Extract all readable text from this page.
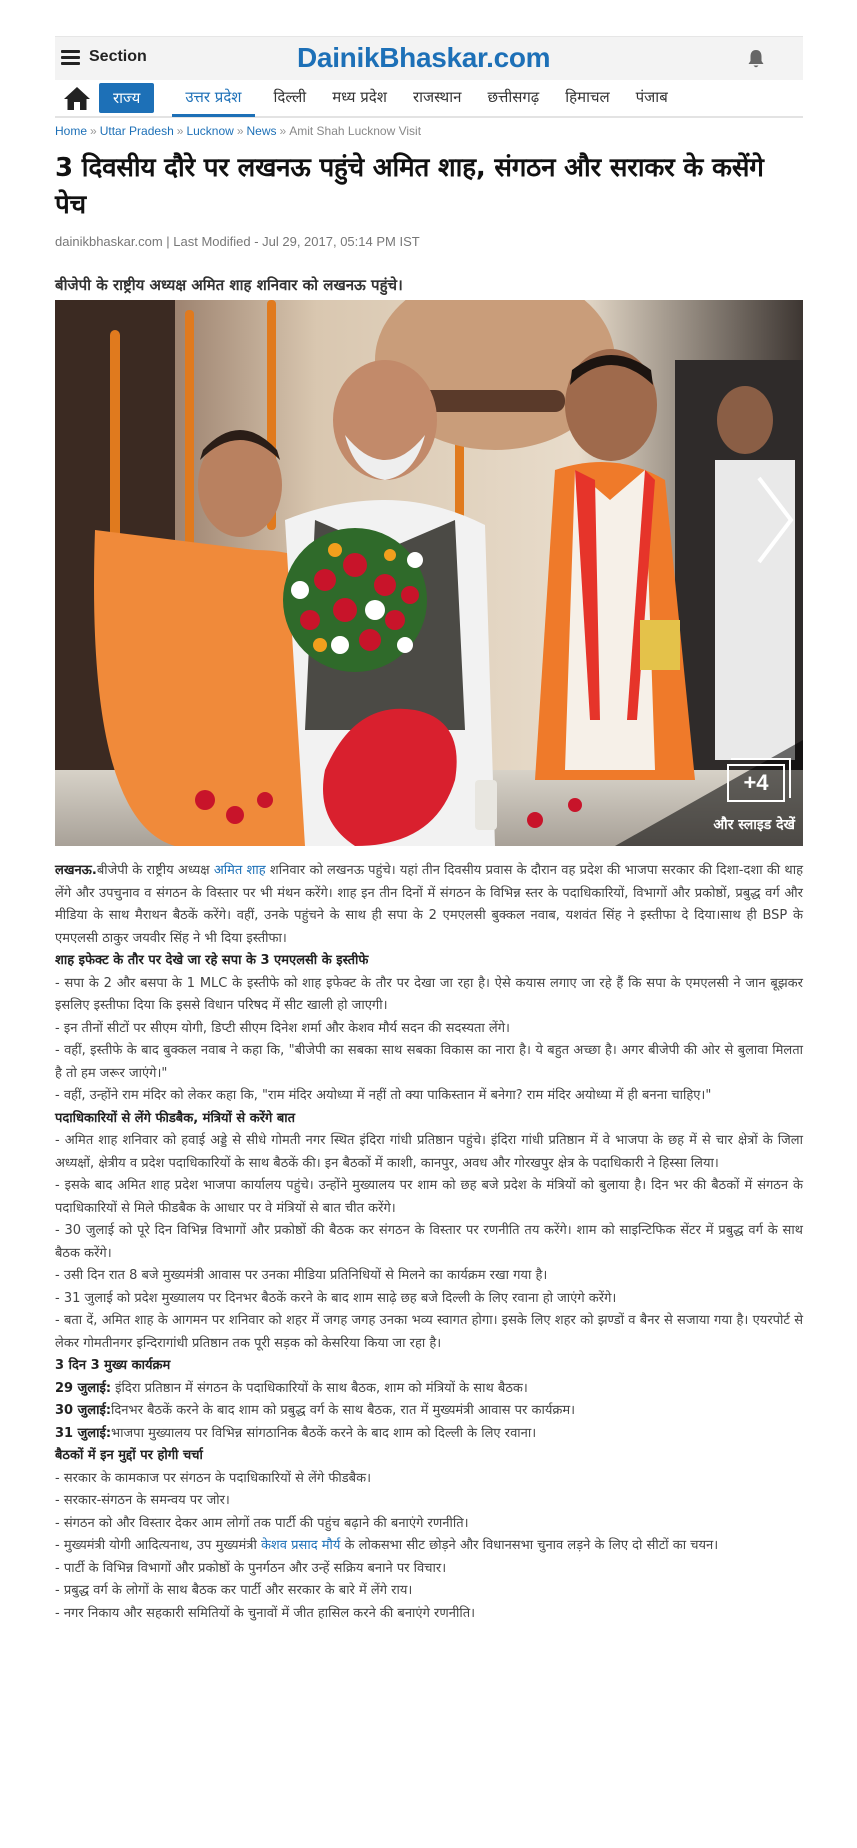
Section	DainikBhaskar.com
राज्य	उत्तर प्रदेश	दिल्ली	मध्य प्रदेश	राजस्थान	छत्तीसगढ़	हिमाचल	पंजाब
Home » Uttar Pradesh » Lucknow » News » Amit Shah Lucknow Visit
3 दिवसीय दौरे पर लखनऊ पहुंचे अमित शाह, संगठन और सराकर के कसेंगे पेच
dainikbhaskar.com | Last Modified - Jul 29, 2017, 05:14 PM IST
बीजेपी के राष्ट्रीय अध्यक्ष अमित शाह शनिवार को लखनऊ पहुंचे।
+4
और स्लाइड देखें

लखनऊ.बीजेपी के राष्ट्रीय अध्यक्ष अमित शाह शनिवार को लखनऊ पहुंचे। यहां तीन दिवसीय प्रवास के दौरान वह प्रदेश की भाजपा सरकार की दिशा-दशा की थाह लेंगे और उपचुनाव व संगठन के विस्तार पर भी मंथन करेंगे। शाह इन तीन दिनों में संगठन के विभिन्न स्तर के पदाधिकारियों, विभागों और प्रकोष्ठों, प्रबुद्ध वर्ग और मीडिया के साथ मैराथन बैठकें करेंगे। वहीं, उनके पहुंचने के साथ ही सपा के 2 एमएलसी बुक्कल नवाब, यशवंत सिंह ने इस्तीफा दे दिया।साथ ही BSP के एमएलसी ठाकुर जयवीर सिंह ने भी दिया इस्तीफा।

शाह इफेक्ट के तौर पर देखे जा रहे सपा के 3 एमएलसी के इस्तीफे

- सपा के 2 और बसपा के 1 MLC के इस्तीफे को शाह इफेक्ट के तौर पर देखा जा रहा है। ऐसे कयास लगाए जा रहे हैं कि सपा के एमएलसी ने जान बूझकर इसलिए इस्तीफा दिया कि इससे विधान परिषद में सीट खाली हो जाएगी।

- इन तीनों सीटों पर सीएम योगी, डिप्टी सीएम दिनेश शर्मा और केशव मौर्य सदन की सदस्यता लेंगे।

- वहीं, इस्तीफे के बाद बुक्कल नवाब ने कहा कि, "बीजेपी का सबका साथ सबका विकास का नारा है। ये बहुत अच्छा है। अगर बीजेपी की ओर से बुलावा मिलता है तो हम जरूर जाएंगे।"

- वहीं, उन्होंने राम मंदिर को लेकर कहा कि, "राम मंदिर अयोध्या में नहीं तो क्या पाकिस्तान में बनेगा? राम मंदिर अयोध्या में ही बनना चाहिए।"

पदाधिकारियों से लेंगे फीडबैक, मंत्रियों से करेंगे बात

- अमित शाह शनिवार को हवाई अड्डे से सीधे गोमती नगर स्थित इंदिरा गांधी प्रतिष्ठान पहुंचे। इंदिरा गांधी प्रतिष्ठान में वे भाजपा के छह में से चार क्षेत्रों के जिला अध्यक्षों, क्षेत्रीय व प्रदेश पदाधिकारियों के साथ बैठकें की। इन बैठकों में काशी, कानपुर, अवध और गोरखपुर क्षेत्र के पदाधिकारी ने हिस्सा लिया।

- इसके बाद अमित शाह प्रदेश भाजपा कार्यालय पहुंचे। उन्होंने मुख्यालय पर शाम को छह बजे प्रदेश के मंत्रियों को बुलाया है। दिन भर की बैठकों में संगठन के पदाधिकारियों से मिले फीडबैक के आधार पर वे मंत्रियों से बात चीत करेंगे।

- 30 जुलाई को पूरे दिन विभिन्न विभागों और प्रकोष्ठों की बैठक कर संगठन के विस्तार पर रणनीति तय करेंगे। शाम को साइन्टिफिक सेंटर में प्रबुद्ध वर्ग के साथ बैठक करेंगे।

- उसी दिन रात 8 बजे मुख्यमंत्री आवास पर उनका मीडिया प्रतिनिधियों से मिलने का कार्यक्रम रखा गया है।

- 31 जुलाई को प्रदेश मुख्यालय पर दिनभर बैठकें करने के बाद शाम साढ़े छह बजे दिल्ली के लिए रवाना हो जाएंगे करेंगे।

- बता दें, अमित शाह के आगमन पर शनिवार को शहर में जगह जगह उनका भव्य स्वागत होगा। इसके लिए शहर को झण्डों व बैनर से सजाया गया है। एयरपोर्ट से लेकर गोमतीनगर इन्दिरागांधी प्रतिष्ठान तक पूरी सड़क को केसरिया किया जा रहा है।

3 दिन 3 मुख्य कार्यक्रम

29 जुलाई: इंदिरा प्रतिष्ठान में संगठन के पदाधिकारियों के साथ बैठक, शाम को मंत्रियों के साथ बैठक।

30 जुलाई:दिनभर बैठकें करने के बाद शाम को प्रबुद्ध वर्ग के साथ बैठक, रात में मुख्यमंत्री आवास पर कार्यक्रम।

31 जुलाई:भाजपा मुख्यालय पर विभिन्न सांगठानिक बैठकें करने के बाद शाम को दिल्ली के लिए रवाना।

बैठकों में इन मुद्दों पर होगी चर्चा

- सरकार के कामकाज पर संगठन के पदाधिकारियों से लेंगे फीडबैक।

- सरकार-संगठन के समन्वय पर जोर।

- संगठन को और विस्तार देकर आम लोगों तक पार्टी की पहुंच बढ़ाने की बनाएंगे रणनीति।

- मुख्यमंत्री योगी आदित्यनाथ, उप मुख्यमंत्री केशव प्रसाद मौर्य के लोकसभा सीट छोड़ने और विधानसभा चुनाव लड़ने के लिए दो सीटों का चयन।

- पार्टी के विभिन्न विभागों और प्रकोष्ठों के पुनर्गठन और उन्हें सक्रिय बनाने पर विचार।

- प्रबुद्ध वर्ग के लोगों के साथ बैठक कर पार्टी और सरकार के बारे में लेंगे राय।

- नगर निकाय और सहकारी समितियों के चुनावों में जीत हासिल करने की बनाएंगे रणनीति।
